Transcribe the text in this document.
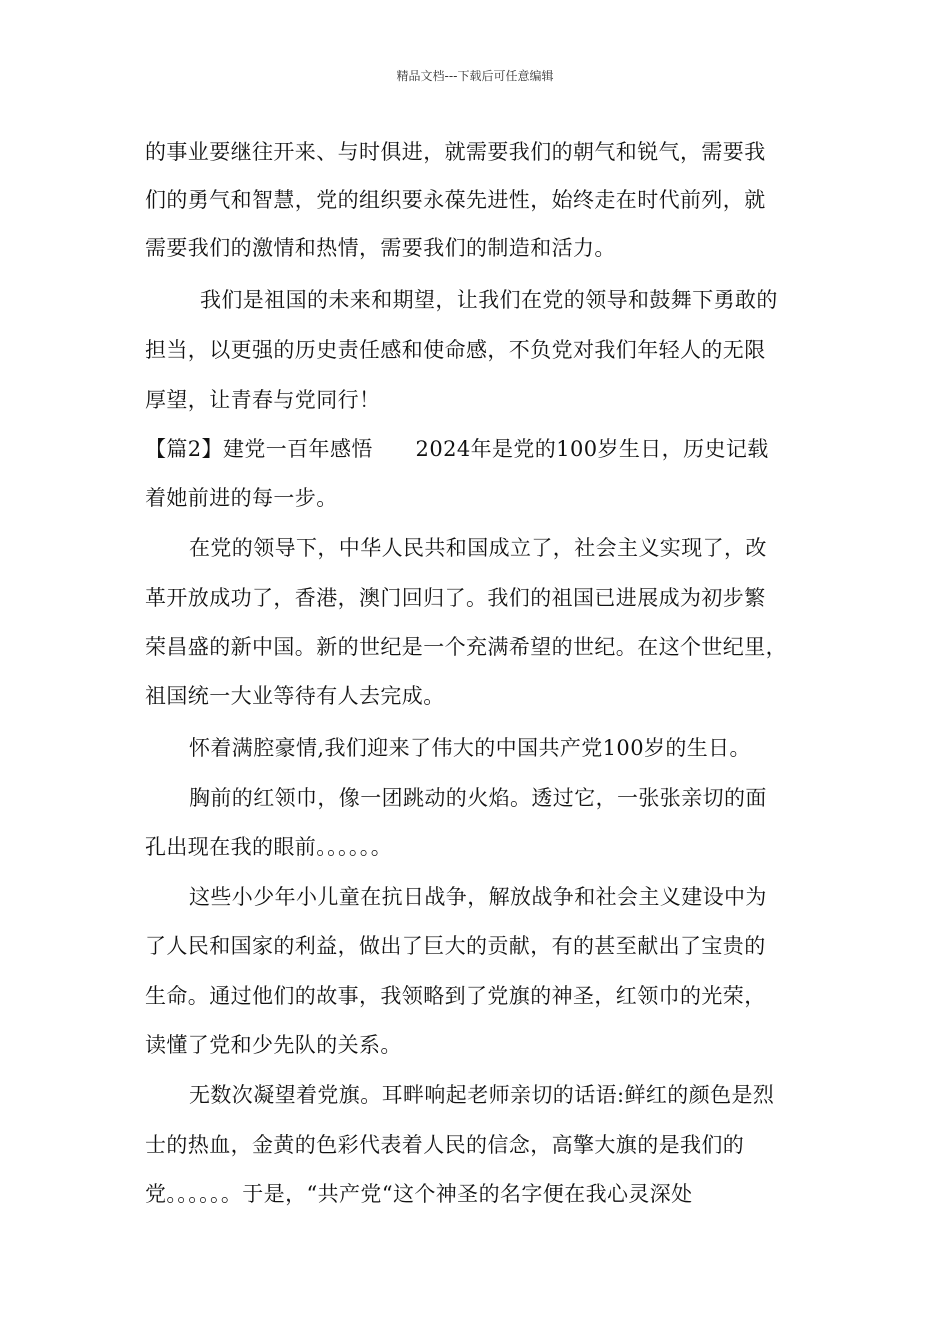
精品文档---下载后可任意编辑
的事业要继往开来、与时俱进，就需要我们的朝气和锐气，需要我
们的勇气和智慧，党的组织要永葆先进性，始终走在时代前列，就
需要我们的激情和热情，需要我们的制造和活力。
我们是祖国的未来和期望，让我们在党的领导和鼓舞下勇敢的
担当，以更强的历史责任感和使命感，不负党对我们年轻人的无限
厚望，让青春与党同行！
【篇2】建党一百年感悟　　2024年是党的100岁生日，历史记载
着她前进的每一步。
在党的领导下，中华人民共和国成立了，社会主义实现了，改
革开放成功了，香港，澳门回归了。我们的祖国已进展成为初步繁
荣昌盛的新中国。新的世纪是一个充满希望的世纪。在这个世纪里，
祖国统一大业等待有人去完成。
怀着满腔豪情,我们迎来了伟大的中国共产党100岁的生日。
胸前的红领巾，像一团跳动的火焰。透过它，一张张亲切的面
孔出现在我的眼前。。。。。。
这些小少年小儿童在抗日战争，解放战争和社会主义建设中为
了人民和国家的利益，做出了巨大的贡献，有的甚至献出了宝贵的
生命。通过他们的故事，我领略到了党旗的神圣，红领巾的光荣，
读懂了党和少先队的关系。
无数次凝望着党旗。耳畔响起老师亲切的话语:鲜红的颜色是烈
士的热血，金黄的色彩代表着人民的信念，高擎大旗的是我们的
党。。。。。。于是，“共产党“这个神圣的名字便在我心灵深处
